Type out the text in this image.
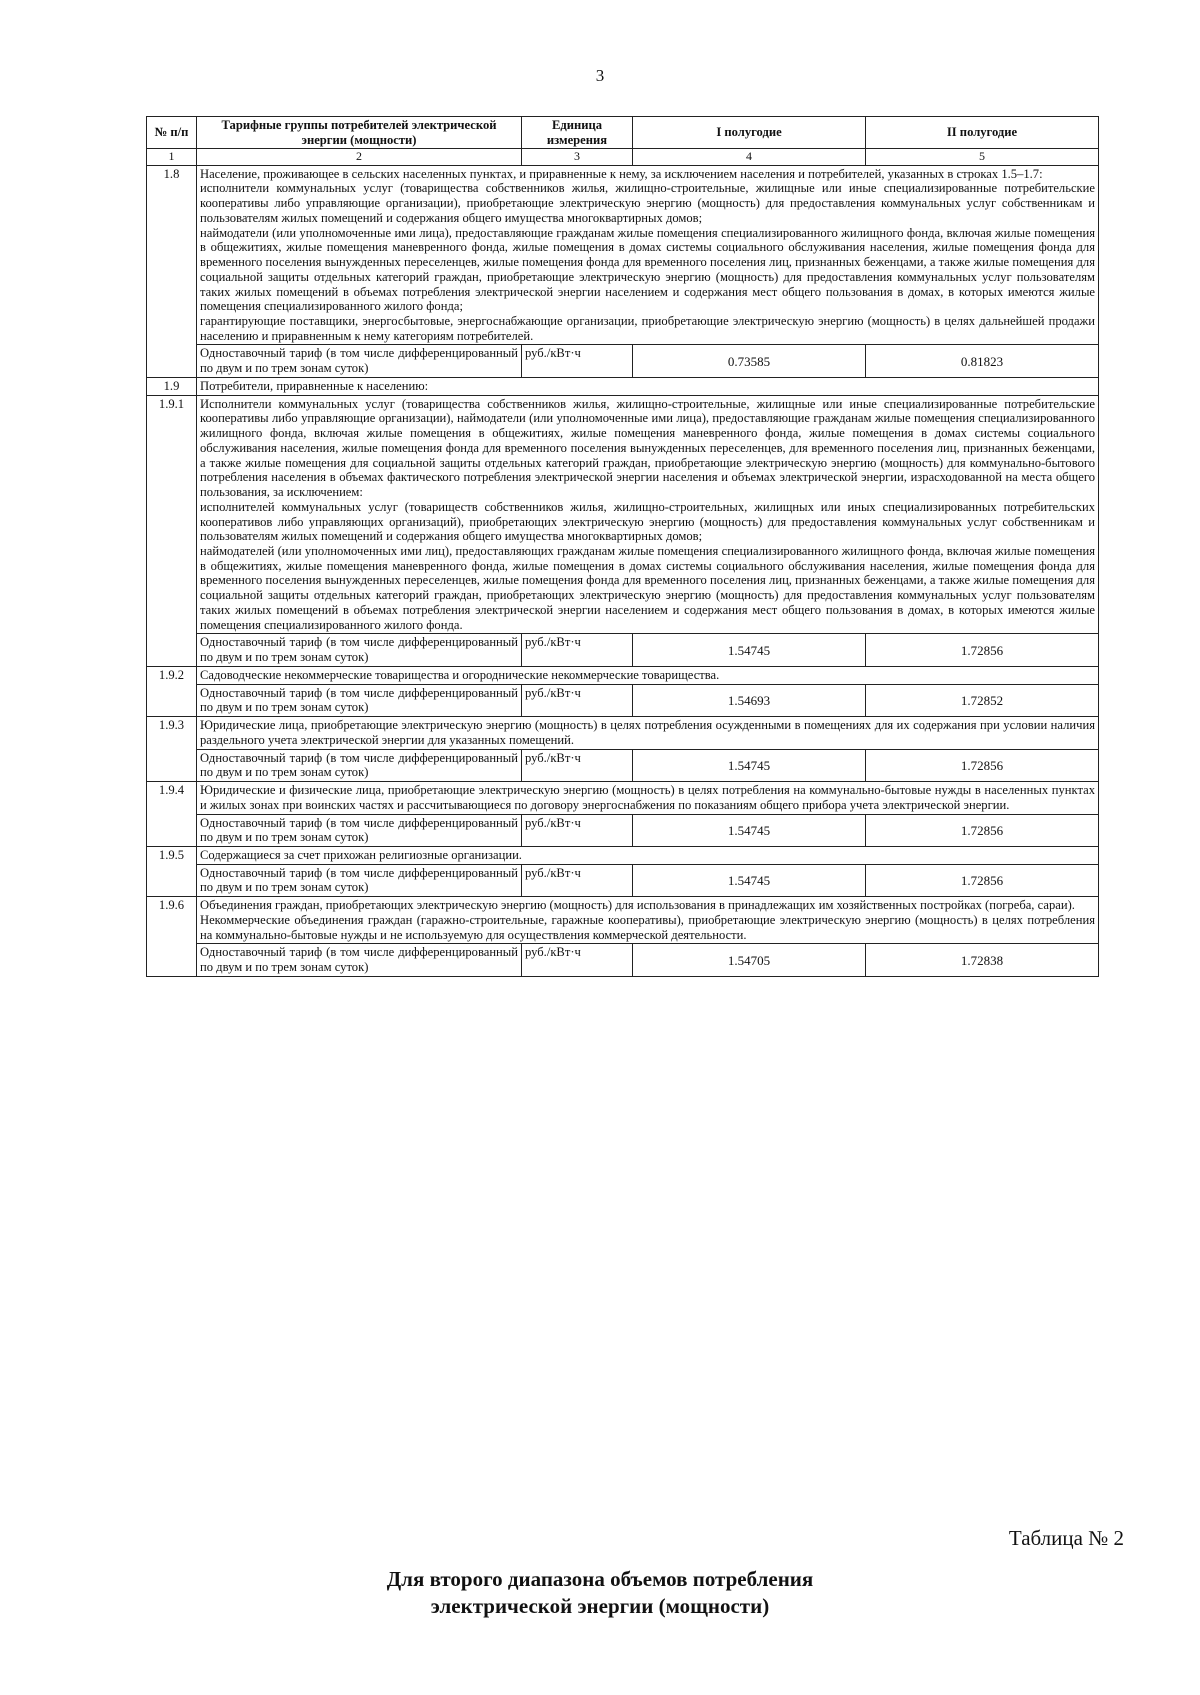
3
№ п/п	Тарифные группы потребителей электрической энергии (мощности)	Единица измерения	I полугодие	II полугодие
1	2	3	4	5
1.8	Население, проживающее в сельских населенных пунктах, и приравненные к нему, за исключением населения и потребителей, указанных в строках 1.5–1.7:

исполнители коммунальных услуг (товарищества собственников жилья, жилищно-строительные, жилищные или иные специализированные потребительские кооперативы либо управляющие организации), приобретающие электрическую энергию (мощность) для предоставления коммунальных услуг собственникам и пользователям жилых помещений и содержания общего имущества многоквартирных домов;

наймодатели (или уполномоченные ими лица), предоставляющие гражданам жилые помещения специализированного жилищного фонда, включая жилые помещения в общежитиях, жилые помещения маневренного фонда, жилые помещения в домах системы социального обслуживания населения, жилые помещения фонда для временного поселения вынужденных переселенцев, жилые помещения фонда для временного поселения лиц, признанных беженцами, а также жилые помещения для социальной защиты отдельных категорий граждан, приобретающие электрическую энергию (мощность) для предоставления коммунальных услуг пользователям таких жилых помещений в объемах потребления электрической энергии населением и содержания мест общего пользования в домах, в которых имеются жилые помещения специализированного жилого фонда;

гарантирующие поставщики, энергосбытовые, энергоснабжающие организации, приобретающие электрическую энергию (мощность) в целях дальнейшей продажи населению и приравненным к нему категориям потребителей.			

	Одноставочный тариф (в том числе дифференцированный по двум и по трем зонам суток)	руб./кВт·ч	0.73585	0.81823
1.9	Потребители, приравненные к населению:			

1.9.1	Исполнители коммунальных услуг (товарищества собственников жилья, жилищно-строительные, жилищные или иные специализированные потребительские кооперативы либо управляющие организации), наймодатели (или уполномоченные ими лица), предоставляющие гражданам жилые помещения специализированного жилищного фонда, включая жилые помещения в общежитиях, жилые помещения маневренного фонда, жилые помещения в домах системы социального обслуживания населения, жилые помещения фонда для временного поселения вынужденных переселенцев, для временного поселения лиц, признанных беженцами, а также жилые помещения для социальной защиты отдельных категорий граждан, приобретающие электрическую энергию (мощность) для коммунально-бытового потребления населения в объемах фактического потребления электрической энергии населения и объемах электрической энергии, израсходованной на места общего пользования, за исключением:

исполнителей коммунальных услуг (товариществ собственников жилья, жилищно-строительных, жилищных или иных специализированных потребительских кооперативов либо управляющих организаций), приобретающих электрическую энергию (мощность) для предоставления коммунальных услуг собственникам и пользователям жилых помещений и содержания общего имущества многоквартирных домов;

наймодателей (или уполномоченных ими лиц), предоставляющих гражданам жилые помещения специализированного жилищного фонда, включая жилые помещения в общежитиях, жилые помещения маневренного фонда, жилые помещения в домах системы социального обслуживания населения, жилые помещения фонда для временного поселения вынужденных переселенцев, жилые помещения фонда для временного поселения лиц, признанных беженцами, а также жилые помещения для социальной защиты отдельных категорий граждан, приобретающих электрическую энергию (мощность) для предоставления коммунальных услуг пользователям таких жилых помещений в объемах потребления электрической энергии населением и содержания мест общего пользования в домах, в которых имеются жилые помещения специализированного жилого фонда.			

	Одноставочный тариф (в том числе дифференцированный по двум и по трем зонам суток)	руб./кВт·ч	1.54745	1.72856
1.9.2	Садоводческие некоммерческие товарищества и огороднические некоммерческие товарищества.			

	Одноставочный тариф (в том числе дифференцированный по двум и по трем зонам суток)	руб./кВт·ч	1.54693	1.72852
1.9.3	Юридические лица, приобретающие электрическую энергию (мощность) в целях потребления осужденными в помещениях для их содержания при условии наличия раздельного учета электрической энергии для указанных помещений.			

	Одноставочный тариф (в том числе дифференцированный по двум и по трем зонам суток)	руб./кВт·ч	1.54745	1.72856
1.9.4	Юридические и физические лица, приобретающие электрическую энергию (мощность) в целях потребления на коммунально-бытовые нужды в населенных пунктах и жилых зонах при воинских частях и рассчитывающиеся по договору энергоснабжения по показаниям общего прибора учета электрической энергии.			

	Одноставочный тариф (в том числе дифференцированный по двум и по трем зонам суток)	руб./кВт·ч	1.54745	1.72856
1.9.5	Содержащиеся за счет прихожан религиозные организации.			

	Одноставочный тариф (в том числе дифференцированный по двум и по трем зонам суток)	руб./кВт·ч	1.54745	1.72856
1.9.6	Объединения граждан, приобретающих электрическую энергию (мощность) для использования в принадлежащих им хозяйственных постройках (погреба, сараи).

Некоммерческие объединения граждан (гаражно-строительные, гаражные кооперативы), приобретающие электрическую энергию (мощность) в целях потребления на коммунально-бытовые нужды и не используемую для осуществления коммерческой деятельности.			

	Одноставочный тариф (в том числе дифференцированный по двум и по трем зонам суток)	руб./кВт·ч	1.54705	1.72838
Таблица № 2
Для второго диапазона объемов потребления
электрической энергии (мощности)
